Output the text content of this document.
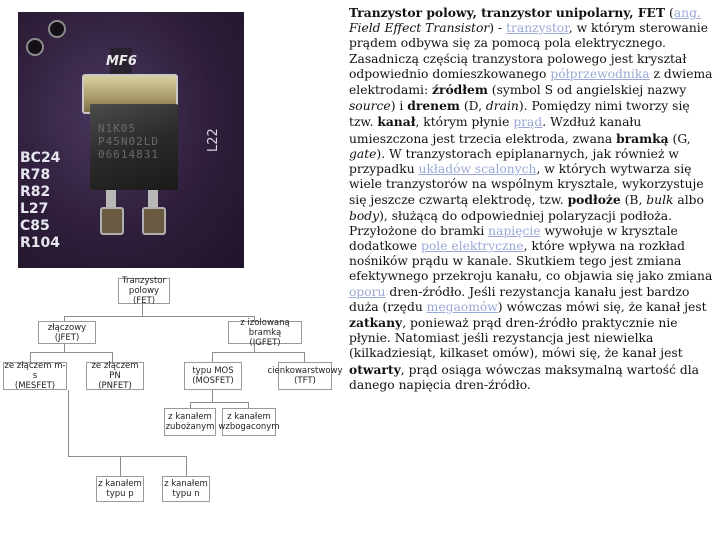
MF6
N1K05
P45N02LD
06614831
BC24
R78
R82
L27
C85
R104
L22
Tranzystor polowy
(FET)
złączowy
(JFET)
z izolowaną bramką
(IGFET)
ze złączem m-s
(MESFET)
ze złączem PN
(PNFET)
typu MOS
(MOSFET)
cienkowarstwowy
(TFT)
z kanałem
zubożanym
z kanałem
wzbogaconym
z kanałem
typu p
z kanałem
typu n

Tranzystor polowy, tranzystor unipolarny, FET (ang. Field Effect Transistor) - tranzystor, w którym sterowanie prądem odbywa się za pomocą pola elektrycznego.

Zasadniczą częścią tranzystora polowego jest kryształ odpowiednio domieszkowanego półprzewodnika z dwiema elektrodami: źródłem (symbol S od angielskiej nazwy source) i drenem (D, drain). Pomiędzy nimi tworzy się tzw. kanał, którym płynie prąd. Wzdłuż kanału umieszczona jest trzecia elektroda, zwana bramką (G, gate). W tranzystorach epiplanarnych, jak również w przypadku układów scalonych, w których wytwarza się wiele tranzystorów na wspólnym krysztale, wykorzystuje się jeszcze czwartą elektrodę, tzw. podłoże (B, bulk albo body), służącą do odpowiedniej polaryzacji podłoża.

Przyłożone do bramki napięcie wywołuje w krysztale dodatkowe pole elektryczne, które wpływa na rozkład nośników prądu w kanale. Skutkiem tego jest zmiana efektywnego przekroju kanału, co objawia się jako zmiana oporu dren-źródło. Jeśli rezystancja kanału jest bardzo duża (rzędu megaomów) wówczas mówi się, że kanał jest zatkany, ponieważ prąd dren-źródło praktycznie nie płynie. Natomiast jeśli rezystancja jest niewielka (kilkadziesiąt, kilkaset omów), mówi się, że kanał jest otwarty, prąd osiąga wówczas maksymalną wartość dla danego napięcia dren-źródło.
